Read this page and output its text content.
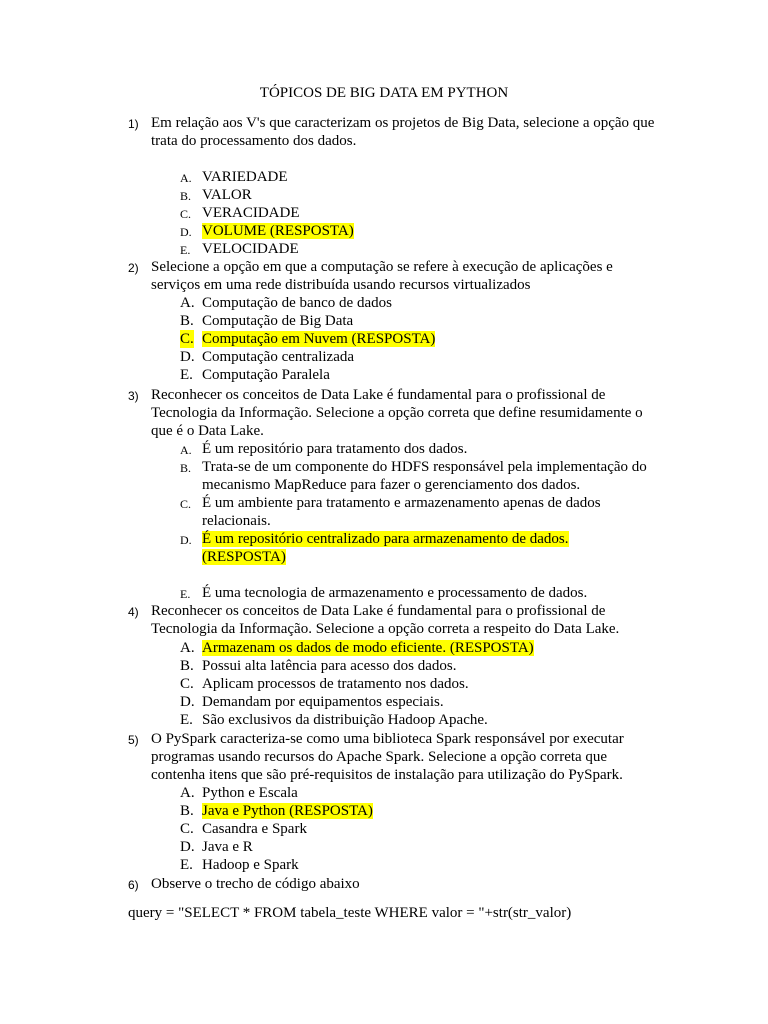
TÓPICOS DE BIG DATA EM PYTHON
1) Em relação aos V's que caracterizam os projetos de Big Data, selecione a opção que trata do processamento dos dados.
A. VARIEDADE
B. VALOR
C. VERACIDADE
D. VOLUME (RESPOSTA)
E. VELOCIDADE
2) Selecione a opção em que a computação se refere à execução de aplicações e serviços em uma rede distribuída usando recursos virtualizados
A. Computação de banco de dados
B. Computação de Big Data
C. Computação em Nuvem (RESPOSTA)
D. Computação centralizada
E. Computação Paralela
3) Reconhecer os conceitos de Data Lake é fundamental para o profissional de Tecnologia da Informação. Selecione a opção correta que define resumidamente o que é o Data Lake.
A. É um repositório para tratamento dos dados.
B. Trata-se de um componente do HDFS responsável pela implementação do mecanismo MapReduce para fazer o gerenciamento dos dados.
C. É um ambiente para tratamento e armazenamento apenas de dados relacionais.
D. É um repositório centralizado para armazenamento de dados. (RESPOSTA)
E. É uma tecnologia de armazenamento e processamento de dados.
4) Reconhecer os conceitos de Data Lake é fundamental para o profissional de Tecnologia da Informação. Selecione a opção correta a respeito do Data Lake.
A. Armazenam os dados de modo eficiente. (RESPOSTA)
B. Possui alta latência para acesso dos dados.
C. Aplicam processos de tratamento nos dados.
D. Demandam por equipamentos especiais.
E. São exclusivos da distribuição Hadoop Apache.
5) O PySpark caracteriza-se como uma biblioteca Spark responsável por executar programas usando recursos do Apache Spark. Selecione a opção correta que contenha itens que são pré-requisitos de instalação para utilização do PySpark.
A. Python e Escala
B. Java e Python (RESPOSTA)
C. Casandra e Spark
D. Java e R
E. Hadoop e Spark
6) Observe o trecho de código abaixo
query = "SELECT * FROM tabela_teste WHERE valor = "+str(str_valor)
